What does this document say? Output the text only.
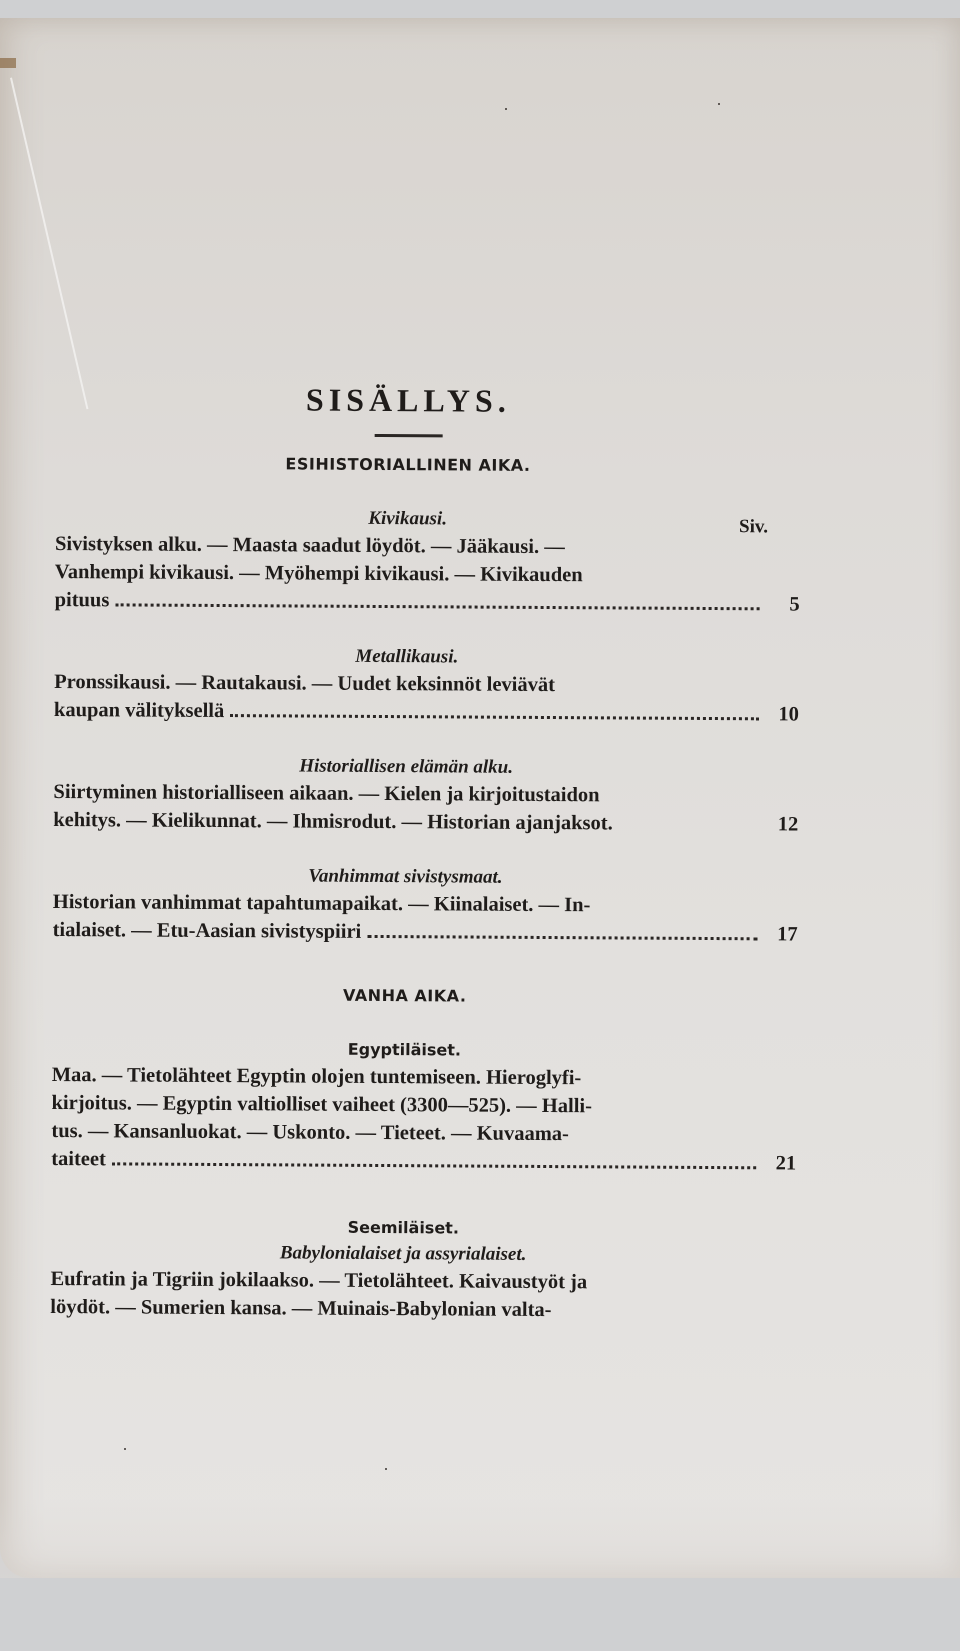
SISÄLLYS.
ESIHISTORIALLINEN AIKA.
Kivikausi.	Siv.
Sivistyksen alku. — Maasta saadut löydöt. — Jääkausi. —
Vanhempi kivikausi. — Myöhempi kivikausi. — Kivikauden
pituus	5
Metallikausi.
Pronssikausi. — Rautakausi. — Uudet keksinnöt leviävät
kaupan välityksellä	10
Historiallisen elämän alku.
Siirtyminen historialliseen aikaan. — Kielen ja kirjoitustaidon
kehitys. — Kielikunnat. — Ihmisrodut. — Historian ajanjaksot.	12
Vanhimmat sivistysmaat.
Historian vanhimmat tapahtumapaikat. — Kiinalaiset. — In-
tialaiset. — Etu-Aasian sivistyspiiri	17
VANHA AIKA.
Egyptiläiset.
Maa. — Tietolähteet Egyptin olojen tuntemiseen. Hieroglyfi-
kirjoitus. — Egyptin valtiolliset vaiheet (3300—525). — Halli-
tus. — Kansanluokat. — Uskonto. — Tieteet. — Kuvaama-
taiteet	21
Seemiläiset.
Babylonialaiset ja assyrialaiset.
Eufratin ja Tigriin jokilaakso. — Tietolähteet. Kaivaustyöt ja
löydöt. — Sumerien kansa. — Muinais-Babylonian valta-
